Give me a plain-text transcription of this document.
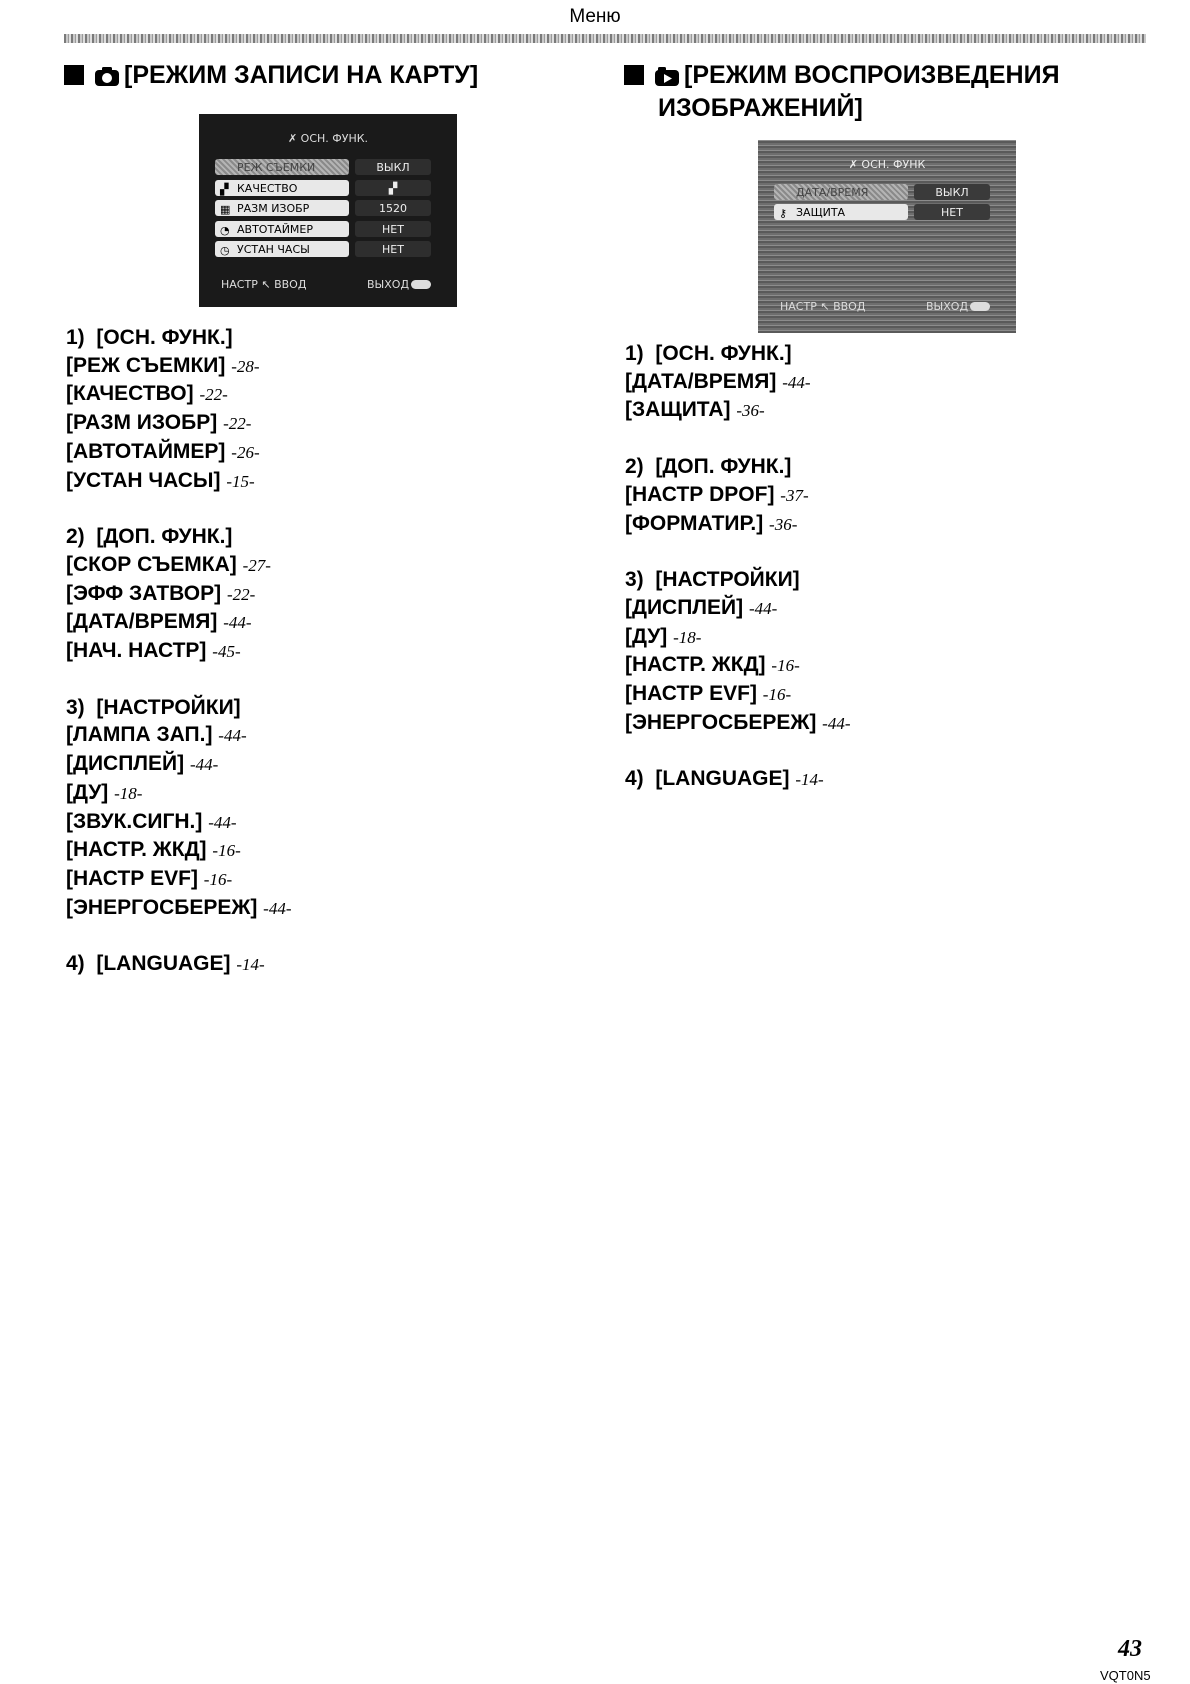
Меню
[РЕЖИМ ЗАПИСИ НА КАРТУ]
✗ ОСН. ФУНК.
РЕЖ СЪЕМКИ	ВЫКЛ
▞ КАЧЕСТВО	▞
▦ РАЗМ ИЗОБР	1520
◔ АВТОТАЙМЕР	НЕТ
◷ УСТАН ЧАСЫ	НЕТ
НАСТР ↖ ВВОД	ВЫХОД
1)  [ОСН. ФУНК.]
[РЕЖ СЪЕМКИ] -28-
[КАЧЕСТВО] -22-
[РАЗМ ИЗОБР] -22-
[АВТОТАЙМЕР] -26-
[УСТАН ЧАСЫ] -15-
2)  [ДОП. ФУНК.]
[СКОР СЪЕМКА] -27-
[ЭФФ ЗАТВОР] -22-
[ДАТА/ВРЕМЯ] -44-
[НАЧ. НАСТР] -45-
3)  [НАСТРОЙКИ]
[ЛАМПА ЗАП.] -44-
[ДИСПЛЕЙ] -44-
[ДУ] -18-
[ЗВУК.СИГН.] -44-
[НАСТР. ЖКД] -16-
[НАСТР EVF] -16-
[ЭНЕРГОСБЕРЕЖ] -44-
4)  [LANGUAGE] -14-
[РЕЖИМ ВОСПРОИЗВЕДЕНИЯ
ИЗОБРАЖЕНИЙ]
✗ ОСН. ФУНК
ДАТА/ВРЕМЯ	ВЫКЛ
⚷ ЗАЩИТА	НЕТ
НАСТР ↖ ВВОД	ВЫХОД
1)  [ОСН. ФУНК.]
[ДАТА/ВРЕМЯ] -44-
[ЗАЩИТА] -36-
2)  [ДОП. ФУНК.]
[НАСТР DPOF] -37-
[ФОРМАТИР.] -36-
3)  [НАСТРОЙКИ]
[ДИСПЛЕЙ] -44-
[ДУ] -18-
[НАСТР. ЖКД] -16-
[НАСТР EVF] -16-
[ЭНЕРГОСБЕРЕЖ] -44-
4)  [LANGUAGE] -14-
43
VQT0N5
